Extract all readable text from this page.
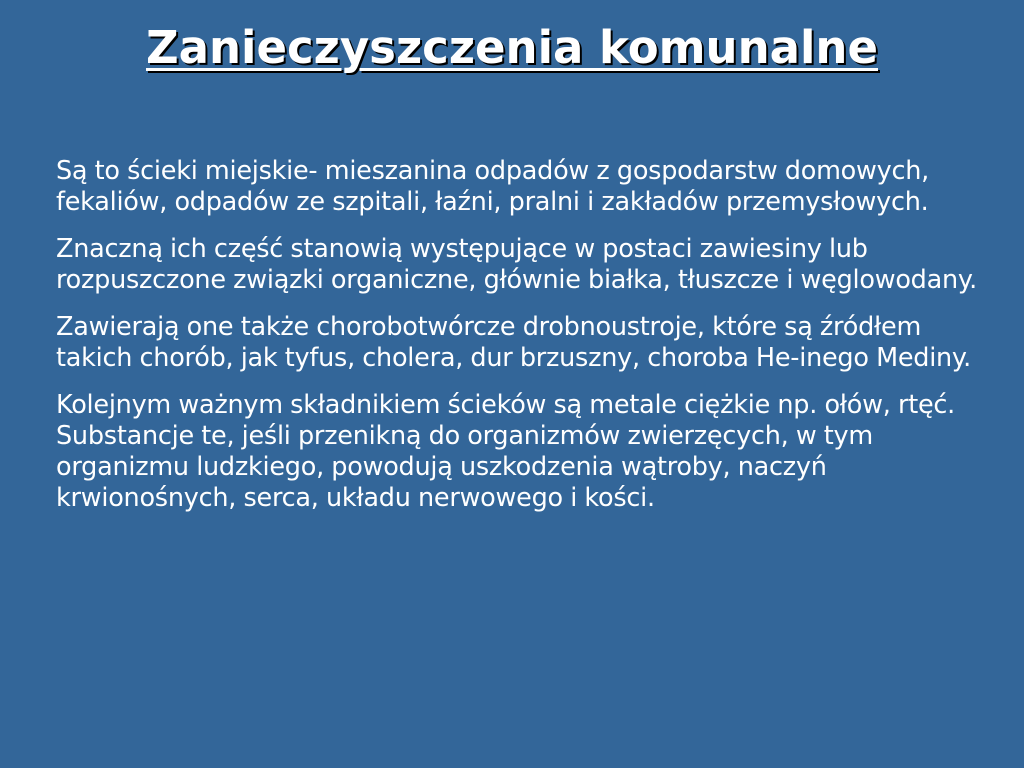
Zanieczyszczenia komunalne

Są to ścieki miejskie- mieszanina odpadów z gospodarstw domowych, fekaliów, odpadów ze szpitali, łaźni, pralni i zakładów przemysłowych.

Znaczną ich część stanowią występujące w postaci zawiesiny lub rozpuszczone związki organiczne, głównie białka, tłuszcze i węglowodany.

Zawierają one także chorobotwórcze drobnoustroje, które są źródłem takich chorób, jak tyfus, cholera, dur brzuszny, choroba He-inego Mediny.

Kolejnym ważnym składnikiem ścieków są metale ciężkie np. ołów, rtęć. Substancje te, jeśli przenikną do organizmów zwierzęcych, w tym organizmu ludzkiego, powodują uszkodzenia wątroby, naczyń krwionośnych, serca, układu nerwowego i kości.
